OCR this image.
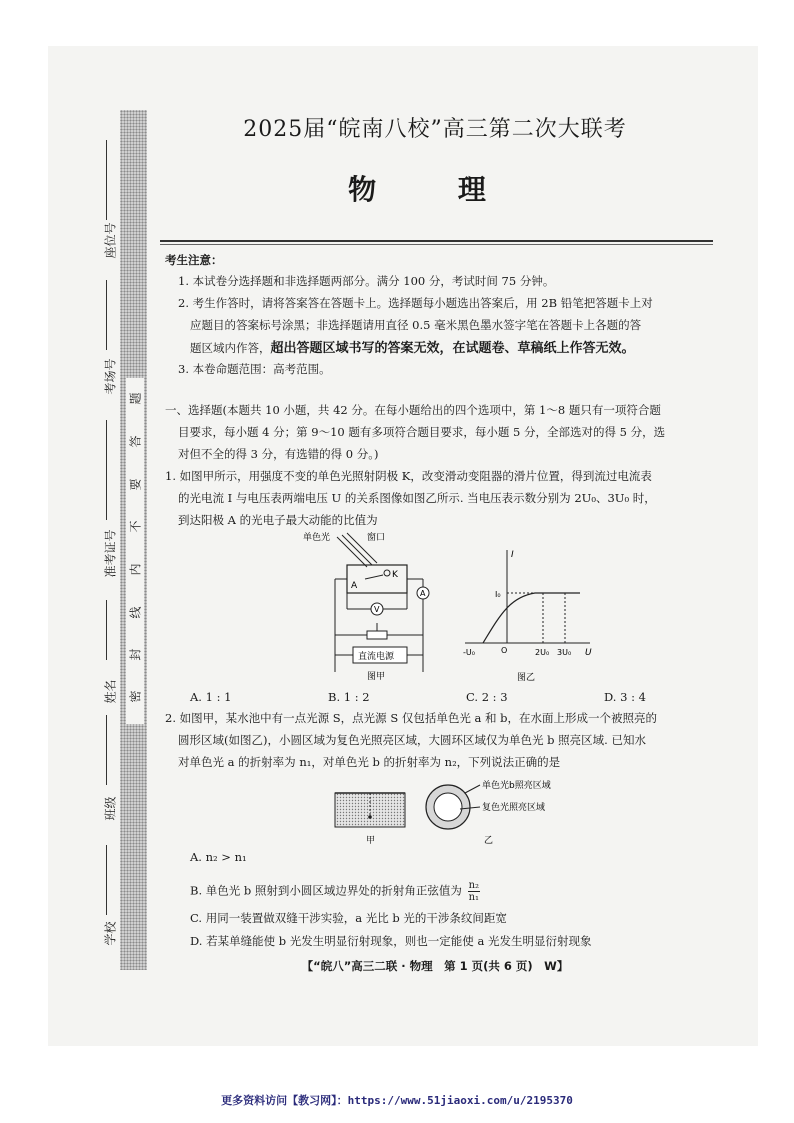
题
答
要
不
内
线
封
密
座位号
考场号
准考证号
姓名
班级
学校
2025届“皖南八校”高三第二次大联考
物 理
考生注意：
1. 本试卷分选择题和非选择题两部分。满分 100 分，考试时间 75 分钟。
2. 考生作答时，请将答案答在答题卡上。选择题每小题选出答案后，用 2B 铅笔把答题卡上对
应题目的答案标号涂黑；非选择题请用直径 0.5 毫米黑色墨水签字笔在答题卡上各题的答
题区域内作答，超出答题区域书写的答案无效，在试题卷、草稿纸上作答无效。
3. 本卷命题范围：高考范围。
一、选择题(本题共 10 小题，共 42 分。在每小题给出的四个选项中，第 1～8 题只有一项符合题
目要求，每小题 4 分；第 9～10 题有多项符合题目要求，每小题 5 分，全部选对的得 5 分，选
对但不全的得 3 分，有选错的得 0 分。)
1. 如图甲所示，用强度不变的单色光照射阴极 K，改变滑动变阻器的滑片位置，得到流过电流表
的光电流 I 与电压表两端电压 U 的关系图像如图乙所示. 当电压表示数分别为 2U₀、3U₀ 时，
到达阳极 A 的光电子最大动能的比值为
单色光	窗口
A
K
A
V
直流电源
图甲
I
U
I₀
-U₀	O	2U₀ 3U₀
图乙
A. 1 : 1	B. 1 : 2	C. 2 : 3	D. 3 : 4
2. 如图甲，某水池中有一点光源 S，点光源 S 仅包括单色光 a 和 b，在水面上形成一个被照亮的
圆形区域(如图乙)，小圆区域为复色光照亮区域，大圆环区域仅为单色光 b 照亮区域. 已知水
对单色光 a 的折射率为 n₁，对单色光 b 的折射率为 n₂，下列说法正确的是
甲
单色光b照亮区域
复色光照亮区域
乙
A. n₂ > n₁
B. 单色光 b 照射到小圆区域边界处的折射角正弦值为 $\frac{\text{n₂}}{\text{n₁}}$
C. 用同一装置做双缝干涉实验，a 光比 b 光的干涉条纹间距宽
D. 若某单缝能使 b 光发生明显衍射现象，则也一定能使 a 光发生明显衍射现象
【“皖八”高三二联 · 物理　第 1 页(共 6 页)　W】
更多资料访问【教习网】：https://www.51jiaoxi.com/u/2195370
